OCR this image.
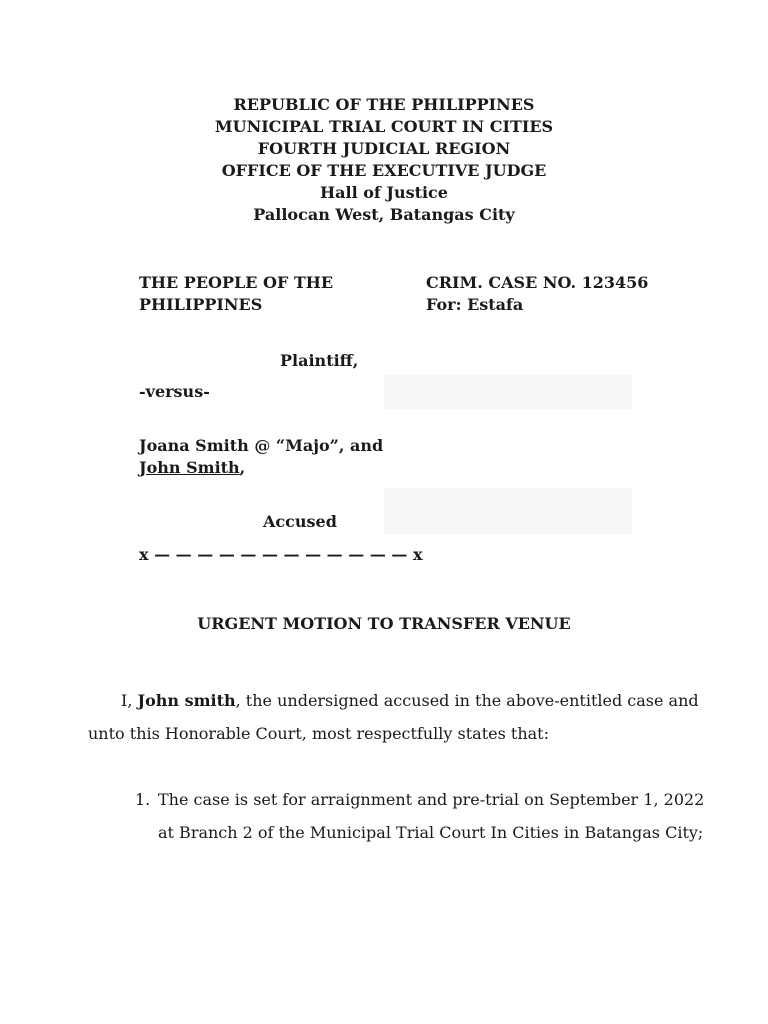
REPUBLIC OF THE PHILIPPINES
MUNICIPAL TRIAL COURT IN CITIES
FOURTH JUDICIAL REGION
OFFICE OF THE EXECUTIVE JUDGE
Hall of Justice
Pallocan West, Batangas City
THE PEOPLE OF THE
PHILIPPINES
CRIM. CASE NO. 123456
For: Estafa
Plaintiff,
-versus-
Joana Smith @ “Majo”, and
John Smith,
Accused
x — — — — — — — — — — — — x
URGENT MOTION TO TRANSFER VENUE
I, John smith, the undersigned accused in the above-entitled case and
unto this Honorable Court, most respectfully states that:
1. The case is set for arraignment and pre-trial on September 1, 2022
at Branch 2 of the Municipal Trial Court In Cities in Batangas City;
